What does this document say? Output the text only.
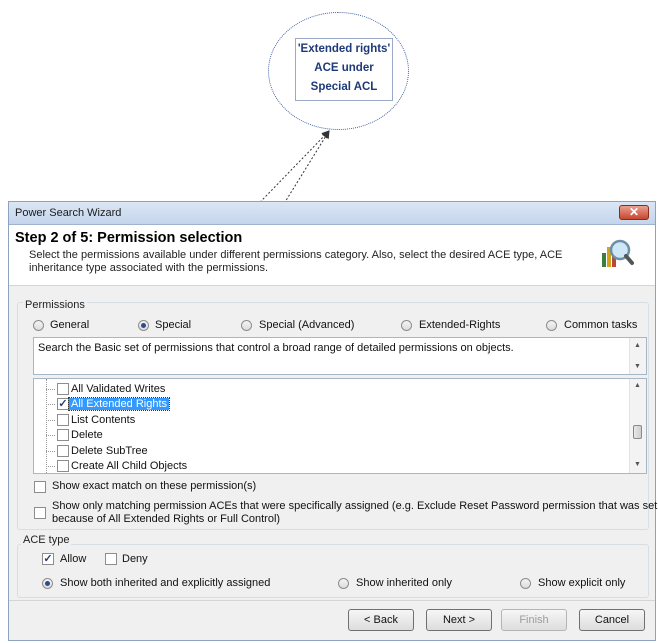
'Extended rights'
ACE under
Special ACL
Power Search Wizard	✕
Step 2 of 5: Permission selection
Select the permissions available under different permissions category. Also, select the desired ACE type, ACE inheritance type associated with the permissions.
Permissions
General	Special	Special (Advanced)	Extended-Rights	Common tasks
Search the Basic set of permissions that control a broad range of detailed permissions on objects.	▲
▼
All Validated Writes
✓ All Extended Rights
List Contents
Delete
Delete SubTree
Create All Child Objects
▲
▼
Show exact match on these permission(s)
Show only matching permission ACEs that were specifically assigned (e.g. Exclude Reset Password permission that was set
because of All Extended Rights or Full Control)
ACE type
✓ Allow	Deny
Show both inherited and explicitly assigned	Show inherited only	Show explicit only
< Back	Next >	Finish	Cancel
